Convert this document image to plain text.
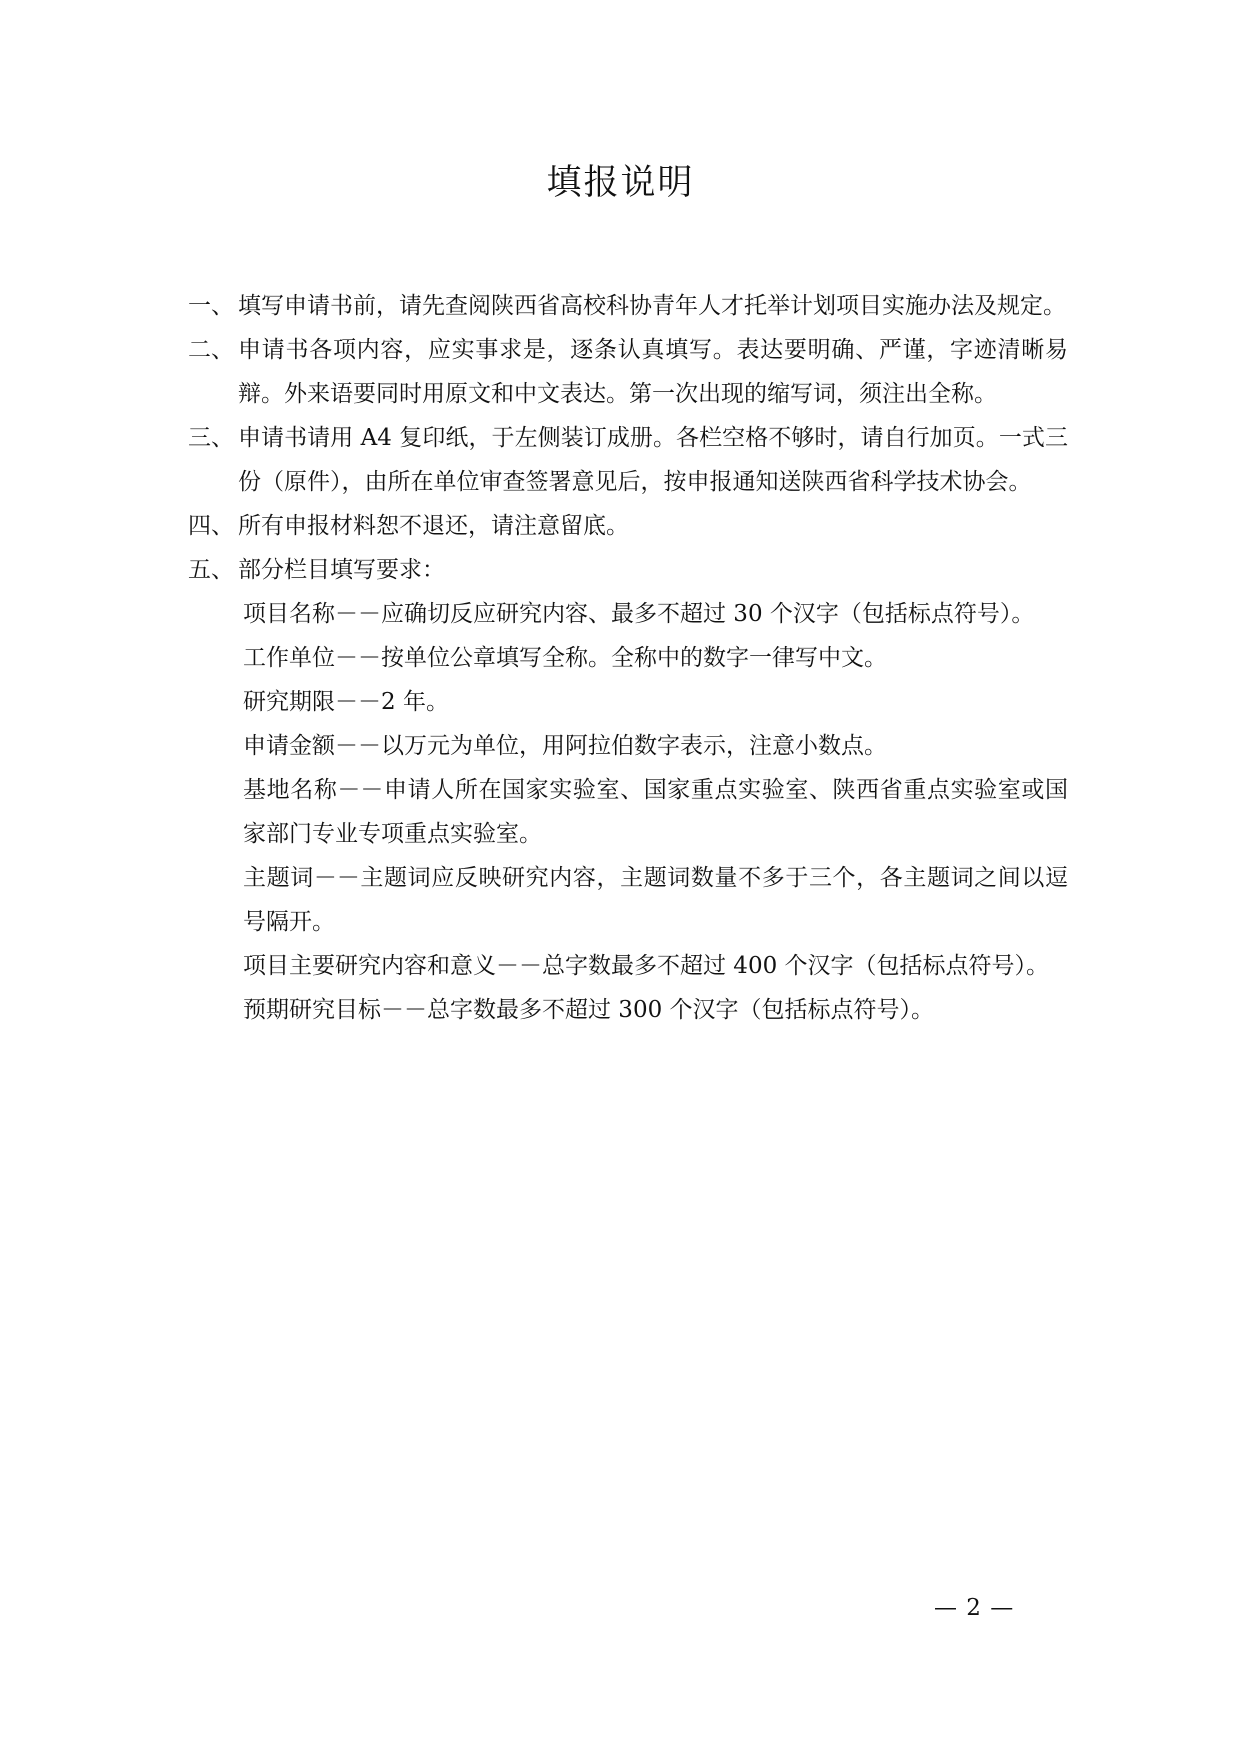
填报说明
一、 填写申请书前，请先查阅陕西省高校科协青年人才托举计划项目实施办法及规定。
二、 申请书各项内容，应实事求是，逐条认真填写。表达要明确、严谨，字迹清晰易辩。外来语要同时用原文和中文表达。第一次出现的缩写词，须注出全称。
三、 申请书请用 A4 复印纸，于左侧装订成册。各栏空格不够时，请自行加页。一式三份（原件），由所在单位审查签署意见后，按申报通知送陕西省科学技术协会。
四、 所有申报材料恕不退还，请注意留底。
五、 部分栏目填写要求：
项目名称－－应确切反应研究内容、最多不超过 30 个汉字（包括标点符号）。
工作单位－－按单位公章填写全称。全称中的数字一律写中文。
研究期限－－2 年。
申请金额－－以万元为单位，用阿拉伯数字表示，注意小数点。
基地名称－－申请人所在国家实验室、国家重点实验室、陕西省重点实验室或国家部门专业专项重点实验室。
主题词－－主题词应反映研究内容，主题词数量不多于三个，各主题词之间以逗号隔开。
项目主要研究内容和意义－－总字数最多不超过 400 个汉字（包括标点符号）。
预期研究目标－－总字数最多不超过 300 个汉字（包括标点符号）。
— 2 —
